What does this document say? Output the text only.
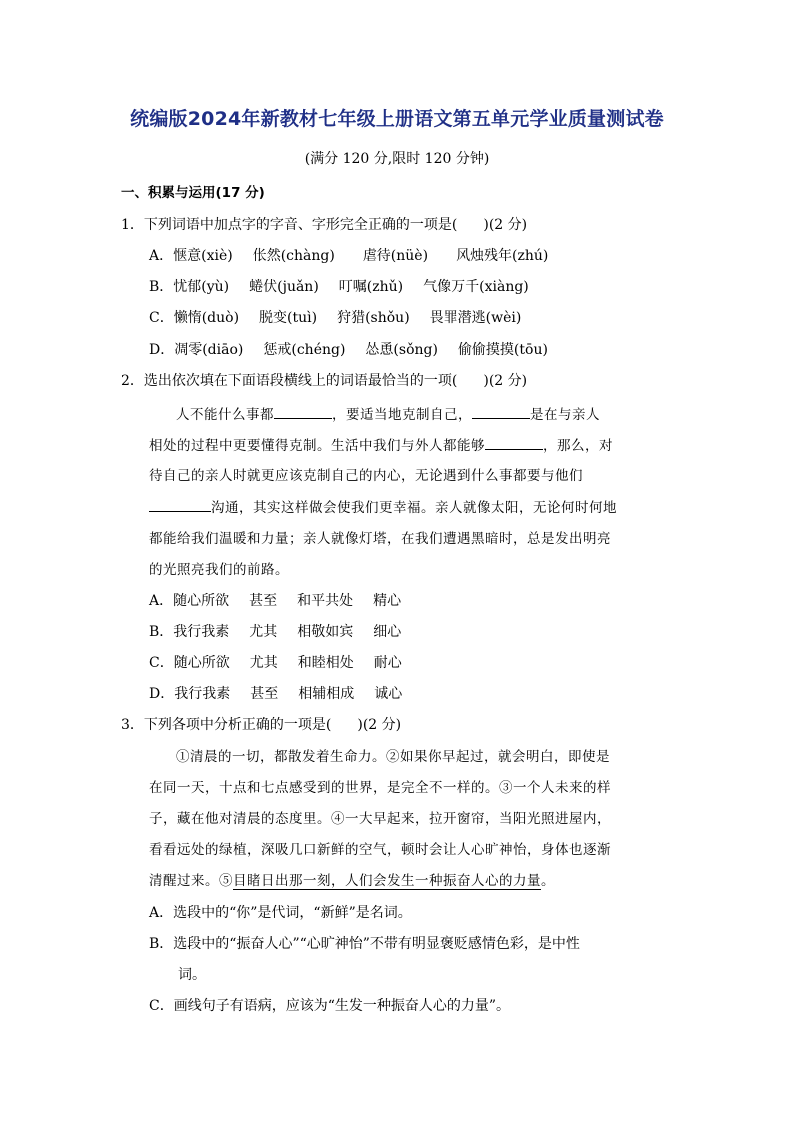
统编版2024年新教材七年级上册语文第五单元学业质量测试卷
(满分 120 分,限时 120 分钟)
一、积累与运用(17 分)
1．下列词语中加点字的字音、字形完全正确的一项是( )(2 分)
A．惬意(xiè) 伥然(chàng) 虐待(nüè) 风烛残年(zhú)
B．忧郁(yù) 蜷伏(juǎn) 叮嘱(zhǔ) 气像万千(xiàng)
C．懒惰(duò) 脱变(tuì) 狩猎(shǒu) 畏罪潜逃(wèi)
D．凋零(diāo) 惩戒(chéng) 怂恿(sǒng) 偷偷摸摸(tōu)
2．选出依次填在下面语段横线上的词语最恰当的一项( )(2 分)
人不能什么事都	，要适当地克制自己，	是在与亲人
相处的过程中更要懂得克制。生活中我们与外人都能够	，那么，对
待自己的亲人时就更应该克制自己的内心，无论遇到什么事都要与他们
沟通，其实这样做会使我们更幸福。亲人就像太阳，无论何时何地
都能给我们温暖和力量；亲人就像灯塔，在我们遭遇黑暗时，总是发出明亮
的光照亮我们的前路。
A．随心所欲 甚至 和平共处 精心
B．我行我素 尤其 相敬如宾 细心
C．随心所欲 尤其 和睦相处 耐心
D．我行我素 甚至 相辅相成 诚心
3．下列各项中分析正确的一项是( )(2 分)
①清晨的一切，都散发着生命力。②如果你早起过，就会明白，即使是
在同一天，十点和七点感受到的世界，是完全不一样的。③一个人未来的样
子，藏在他对清晨的态度里。④一大早起来，拉开窗帘，当阳光照进屋内，
看看远处的绿植，深吸几口新鲜的空气，顿时会让人心旷神怡，身体也逐渐
清醒过来。⑤目睹日出那一刻，人们会发生一种振奋人心的力量。
A．选段中的“你”是代词，“新鲜”是名词。
B．选段中的“振奋人心”“心旷神怡”不带有明显褒贬感情色彩，是中性
词。
C．画线句子有语病，应该为“生发一种振奋人心的力量”。
